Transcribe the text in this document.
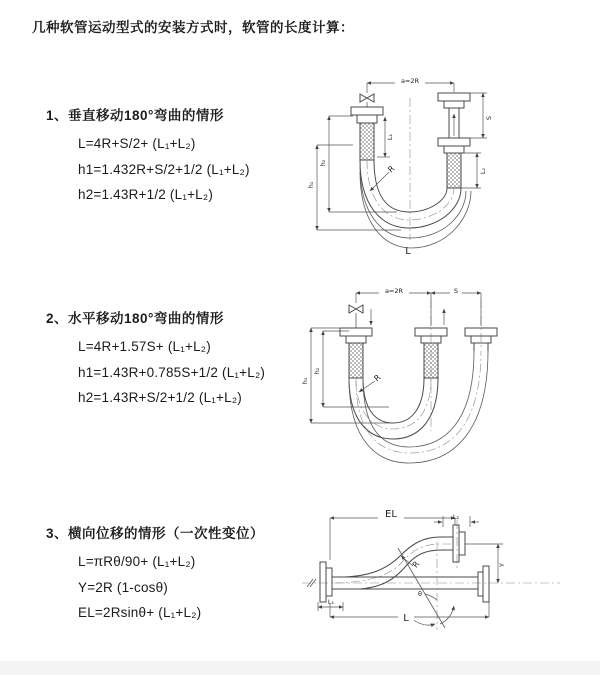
几种软管运动型式的安装方式时，软管的长度计算：
1、垂直移动180°弯曲的情形
L=4R+S/2+ (L₁+L₂)
h1=1.432R+S/2+1/2 (L₁+L₂)
h2=1.43R+1/2 (L₁+L₂)
2、水平移动180°弯曲的情形
L=4R+1.57S+ (L₁+L₂)
h1=1.43R+0.785S+1/2 (L₁+L₂)
h2=1.43R+S/2+1/2 (L₁+L₂)
3、横向位移的情形（一次性变位）
L=πRθ/90+ (L₁+L₂)
Y=2R (1-cosθ)
EL=2Rsinθ+ (L₁+L₂)
a=2R
S
L₂
L₁
h₁
h₂
R
L
a=2R	S
h₁
h₂
R
EL	L₂
Y
R
θ
L₁
L
